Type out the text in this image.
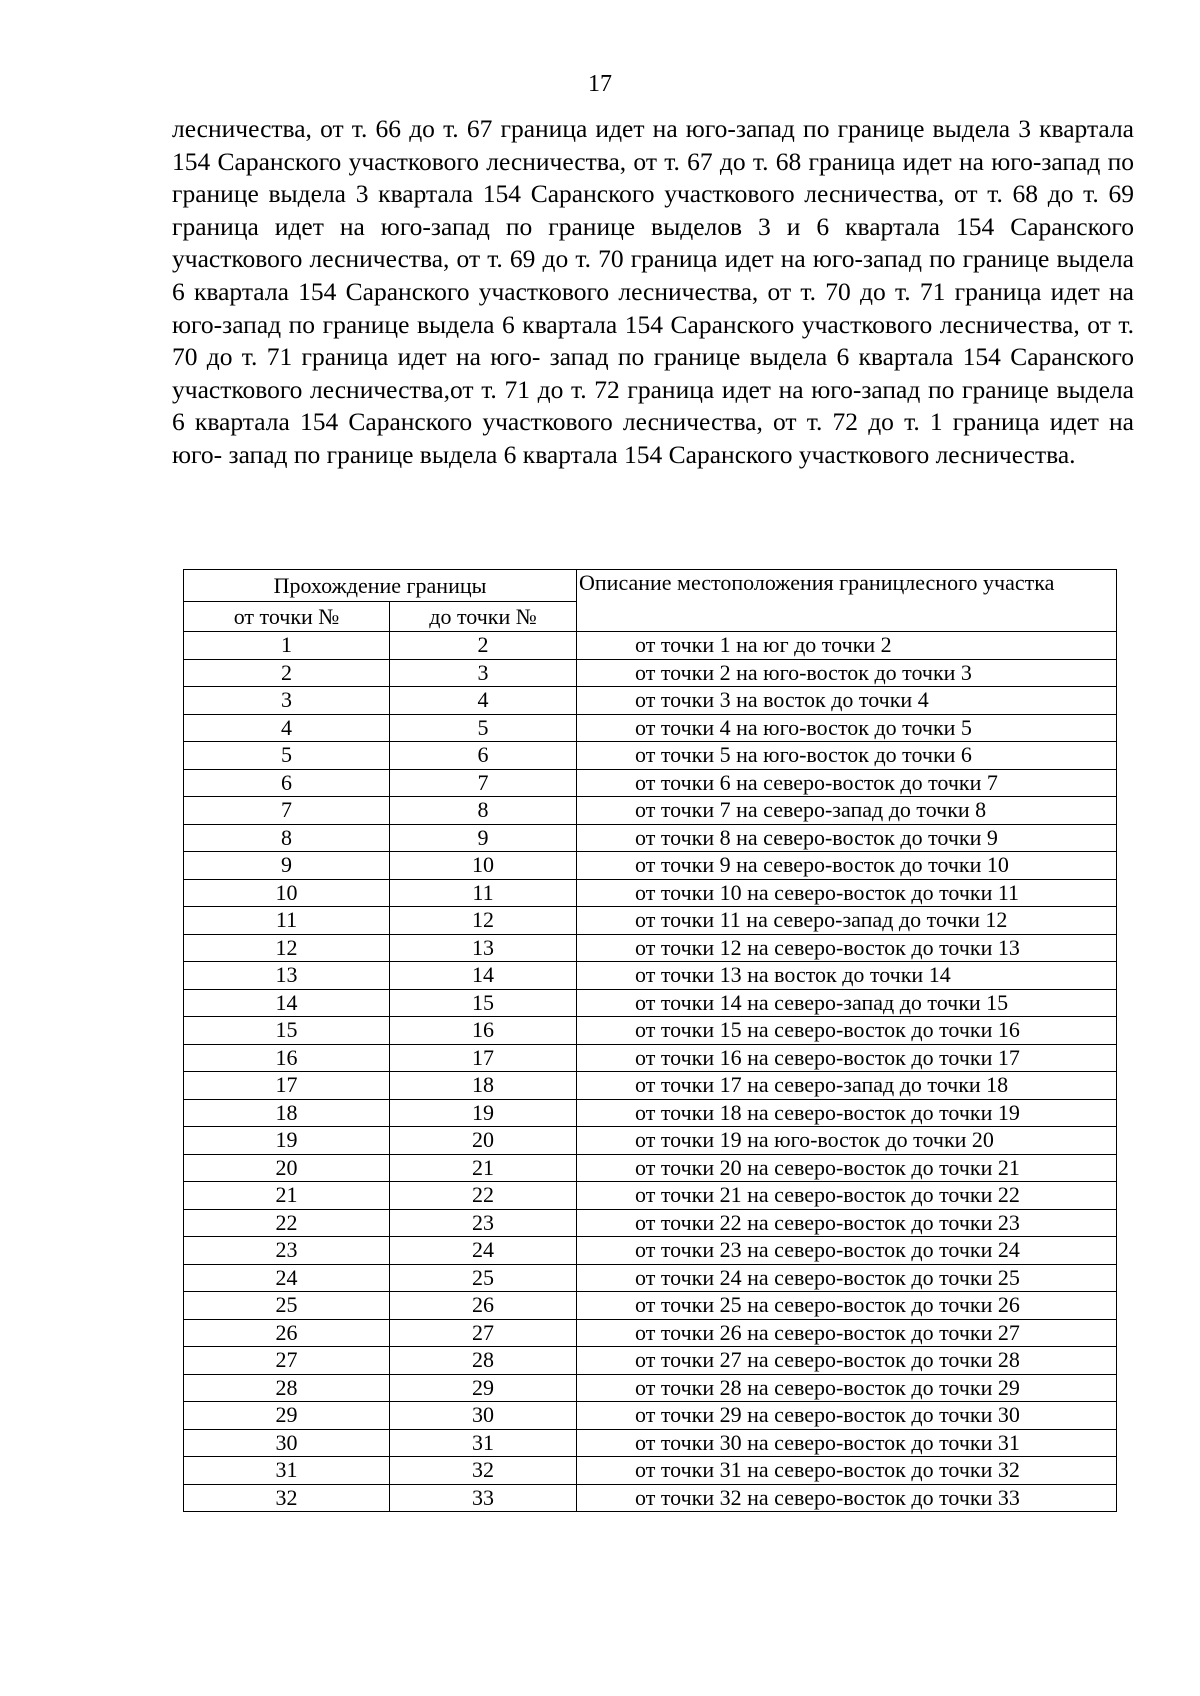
17

лесничества, от т. 66 до т. 67 граница идет на юго-запад по границе выдела 3 квартала 154 Саранского участкового лесничества, от т. 67 до т. 68 граница идет на юго-запад по границе выдела 3 квартала 154 Саранского участкового лесничества, от т. 68 до т. 69 граница идет на юго-запад по границе выделов 3 и 6 квартала 154 Саранского участкового лесничества, от т. 69 до т. 70 граница идет на юго-запад по границе выдела 6 квартала 154 Саранского участкового лесничества, от т. 70 до т. 71 граница идет на юго-запад по границе выдела 6 квартала 154 Саранского участкового лесничества, от т. 70 до т. 71 граница идет на юго- запад по границе выдела 6 квартала 154 Саранского участкового лесничества,от т. 71 до т. 72 граница идет на юго-запад по границе выдела 6 квартала 154 Саранского участкового лесничества, от т. 72 до т. 1 граница идет на юго- запад по границе выдела 6 квартала 154 Саранского участкового лесничества.

Прохождение границы		Описание местоположения границлесного участка
от точки №	до точки №	
1	2	от точки 1 на юг до точки 2
2	3	от точки 2 на юго-восток до точки 3
3	4	от точки 3 на восток до точки 4
4	5	от точки 4 на юго-восток до точки 5
5	6	от точки 5 на юго-восток до точки 6
6	7	от точки 6 на северо-восток до точки 7
7	8	от точки 7 на северо-запад до точки 8
8	9	от точки 8 на северо-восток до точки 9
9	10	от точки 9 на северо-восток до точки 10
10	11	от точки 10 на северо-восток до точки 11
11	12	от точки 11 на северо-запад до точки 12
12	13	от точки 12 на северо-восток до точки 13
13	14	от точки 13 на восток до точки 14
14	15	от точки 14 на северо-запад до точки 15
15	16	от точки 15 на северо-восток до точки 16
16	17	от точки 16 на северо-восток до точки 17
17	18	от точки 17 на северо-запад до точки 18
18	19	от точки 18 на северо-восток до точки 19
19	20	от точки 19 на юго-восток до точки 20
20	21	от точки 20 на северо-восток до точки 21
21	22	от точки 21 на северо-восток до точки 22
22	23	от точки 22 на северо-восток до точки 23
23	24	от точки 23 на северо-восток до точки 24
24	25	от точки 24 на северо-восток до точки 25
25	26	от точки 25 на северо-восток до точки 26
26	27	от точки 26 на северо-восток до точки 27
27	28	от точки 27 на северо-восток до точки 28
28	29	от точки 28 на северо-восток до точки 29
29	30	от точки 29 на северо-восток до точки 30
30	31	от точки 30 на северо-восток до точки 31
31	32	от точки 31 на северо-восток до точки 32
32	33	от точки 32 на северо-восток до точки 33
